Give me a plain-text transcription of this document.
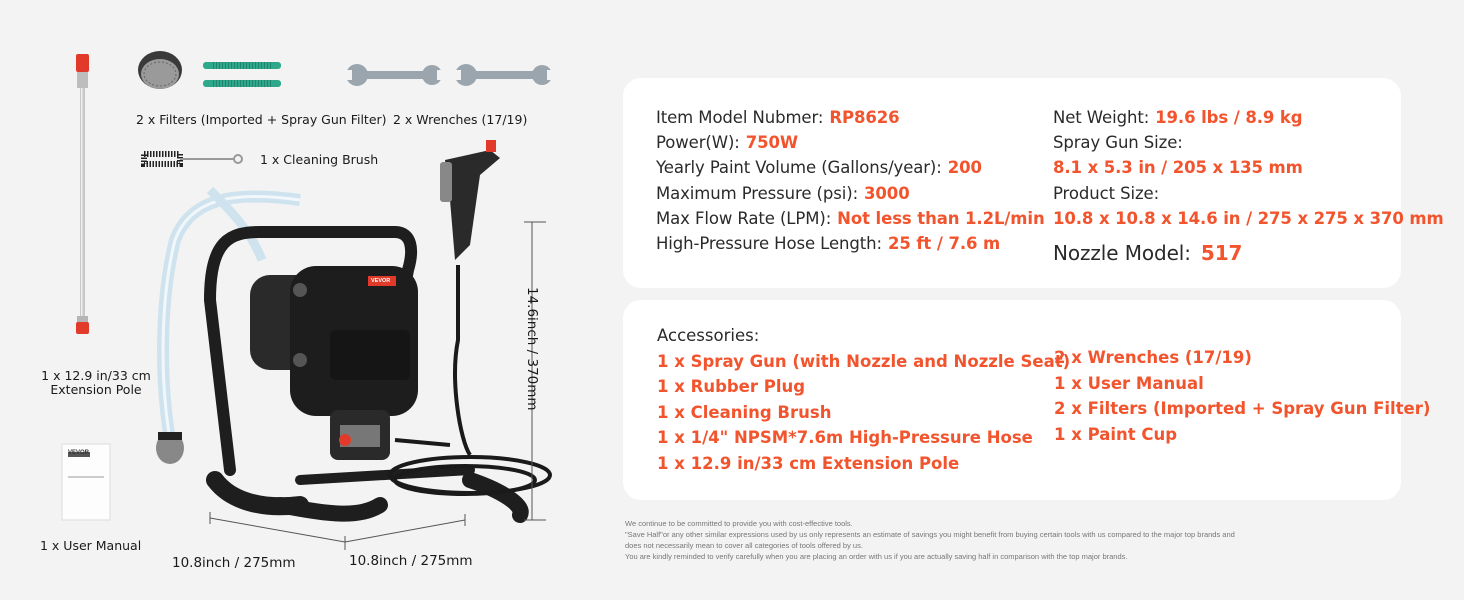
2 x Filters (Imported + Spray Gun Filter) 2 x Wrenches (17/19)
1 x Cleaning Brush
1 x 12.9 in/33 cm
Extension Pole
VEVOR
VEVOR
1 x User Manual
10.8inch / 275mm	10.8inch / 275mm
14.6inch / 370mm
Item Model Nubmer: RP8626
Power(W): 750W
Yearly Paint Volume (Gallons/year): 200
Maximum Pressure (psi): 3000
Max Flow Rate (LPM): Not less than 1.2L/min
High-Pressure Hose Length: 25 ft / 7.6 m
Net Weight: 19.6 lbs / 8.9 kg
Spray Gun Size:
8.1 x 5.3 in / 205 x 135 mm
Product Size:
10.8 x 10.8 x 14.6 in / 275 x 275 x 370 mm
Nozzle Model: 517
Accessories:
1 x Spray Gun (with Nozzle and Nozzle Seat)
1 x Rubber Plug
1 x Cleaning Brush
1 x 1/4" NPSM*7.6m High-Pressure Hose
1 x 12.9 in/33 cm Extension Pole
2 x Wrenches (17/19)
1 x User Manual
2 x Filters (Imported + Spray Gun Filter)
1 x Paint Cup

We continue to be committed to provide you with cost-effective tools.

"Save Half"or any other similar expressions used by us only represents an estimate of savings you might benefit from buying certain tools with us compared to the major top brands and

does not necessarily mean to cover all categories of tools offered by us.

You are kindly reminded to verify carefully when you are placing an order with us if you are actually saving half in comparison with the top major brands.
